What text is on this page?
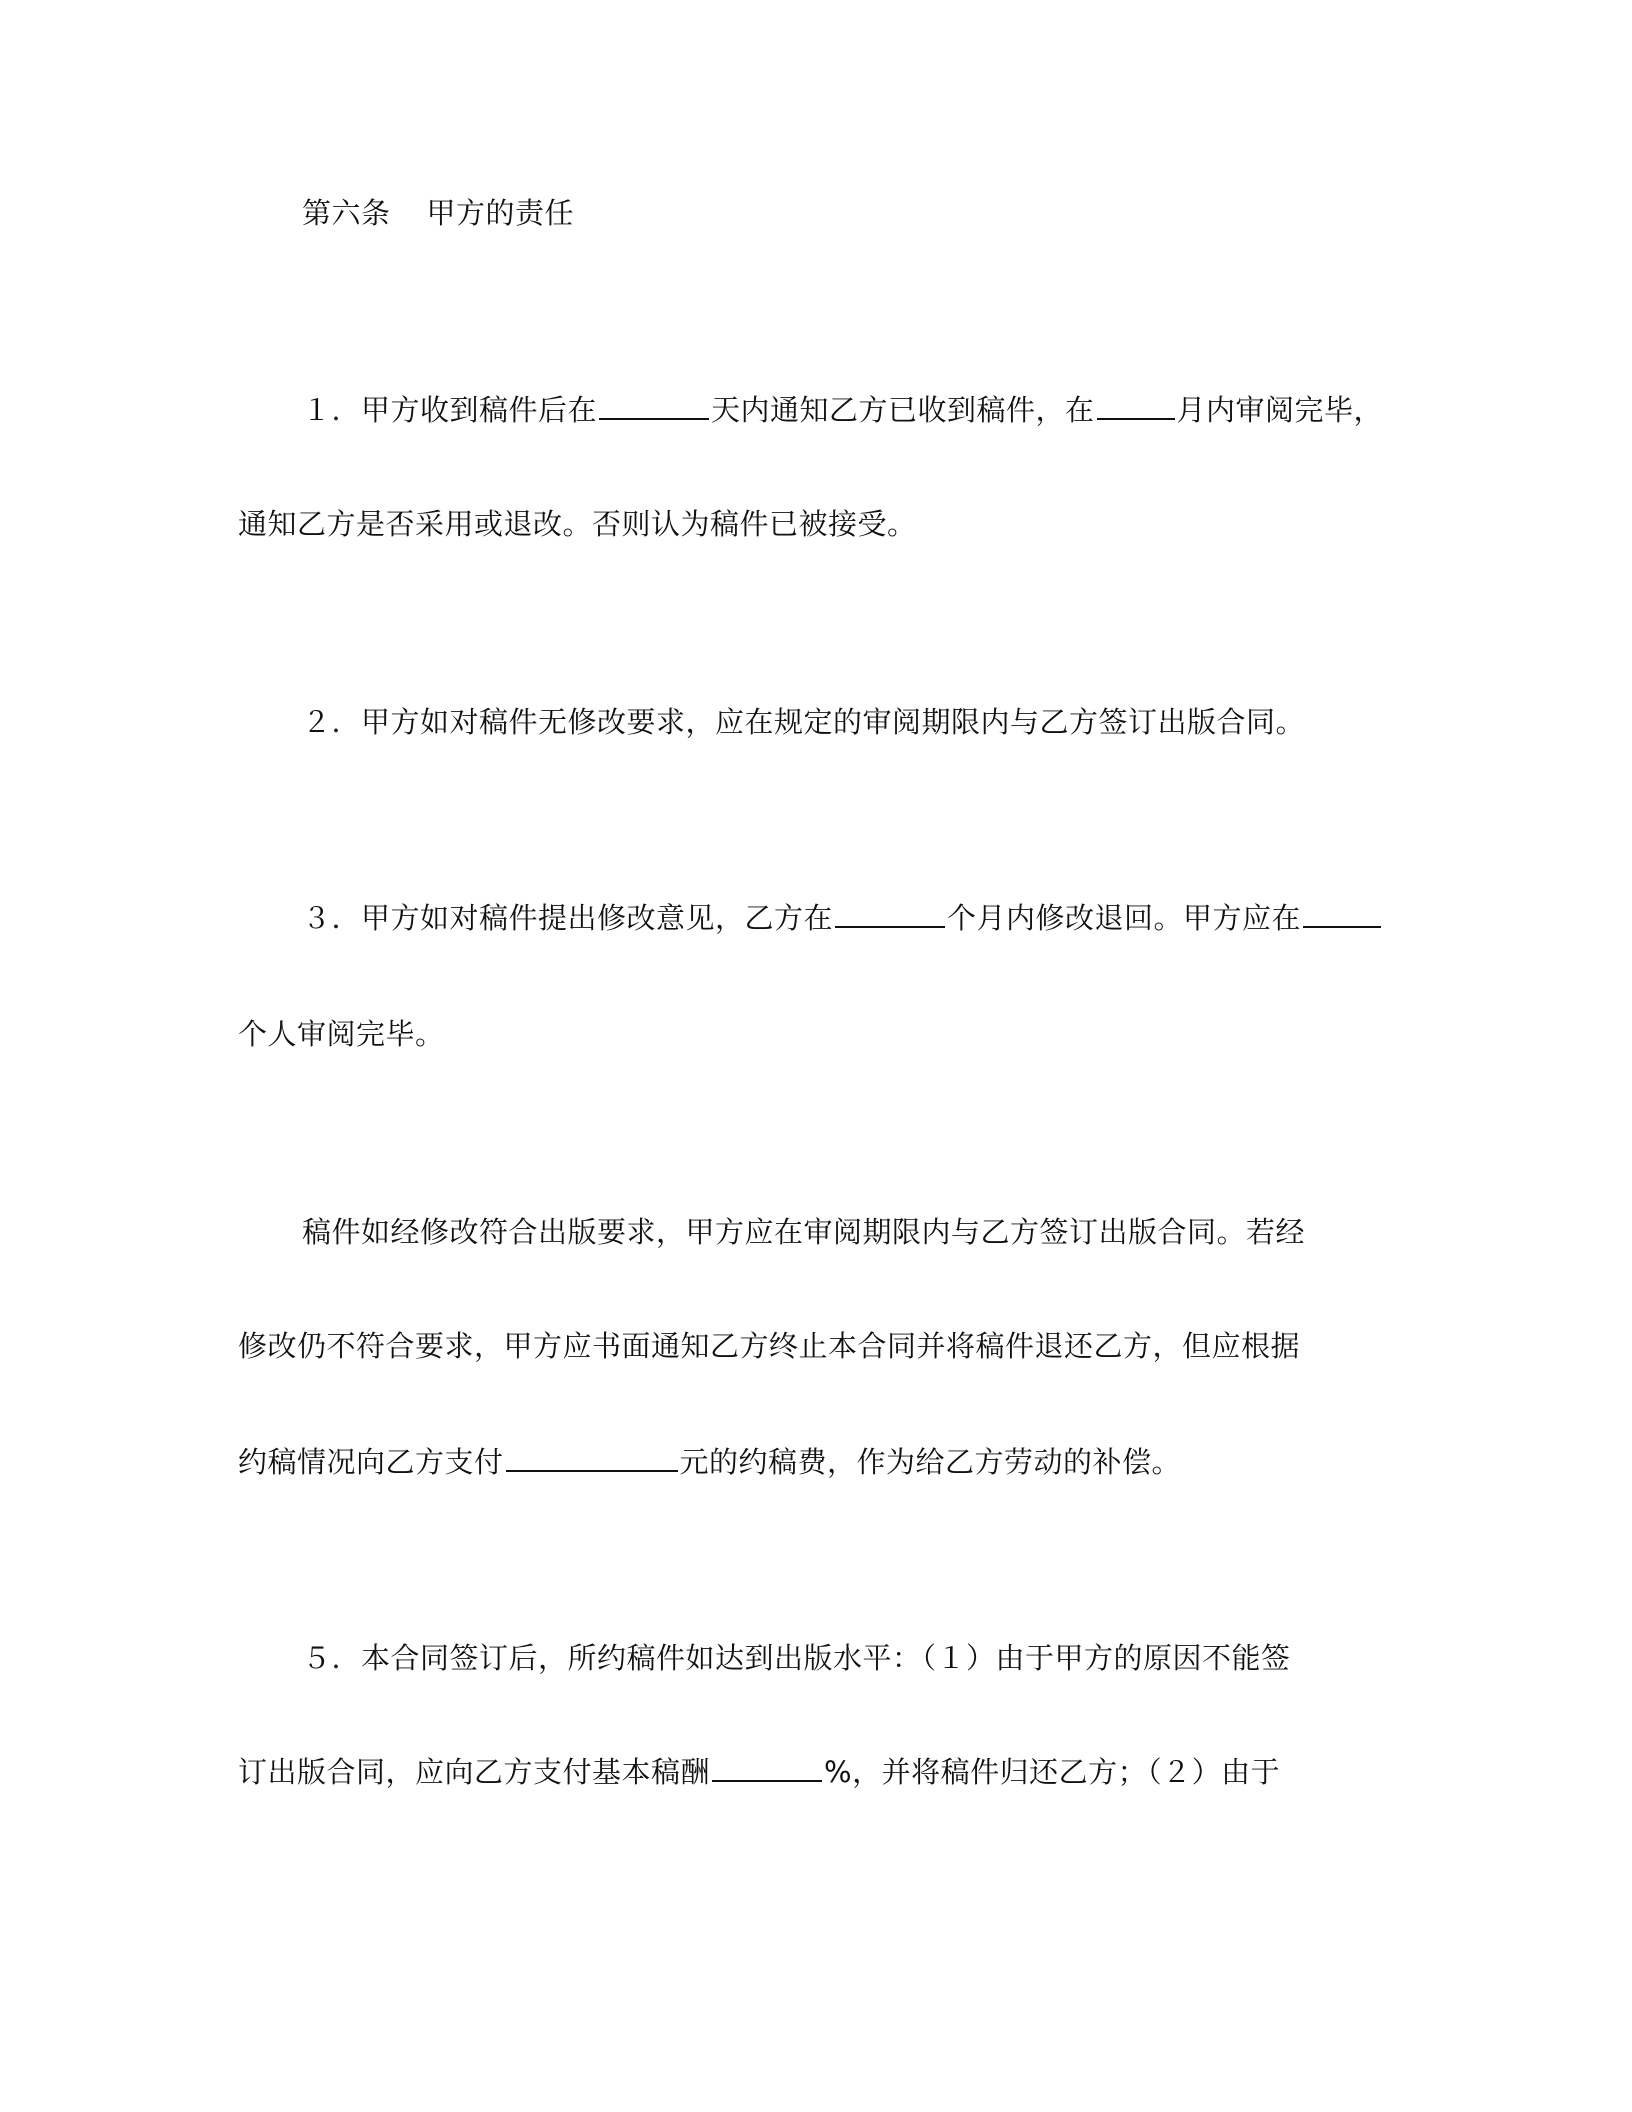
第六条 甲方的责任
１．甲方收到稿件后在	天内通知乙方已收到稿件，在	月内审阅完毕，
通知乙方是否采用或退改。否则认为稿件已被接受。
２．甲方如对稿件无修改要求，应在规定的审阅期限内与乙方签订出版合同。
３．甲方如对稿件提出修改意见，乙方在	个月内修改退回。甲方应在
个人审阅完毕。
稿件如经修改符合出版要求，甲方应在审阅期限内与乙方签订出版合同。若经
修改仍不符合要求，甲方应书面通知乙方终止本合同并将稿件退还乙方，但应根据
约稿情况向乙方支付	元的约稿费，作为给乙方劳动的补偿。
５．本合同签订后，所约稿件如达到出版水平：（１）由于甲方的原因不能签
订出版合同，应向乙方支付基本稿酬	%，并将稿件归还乙方；（２）由于
